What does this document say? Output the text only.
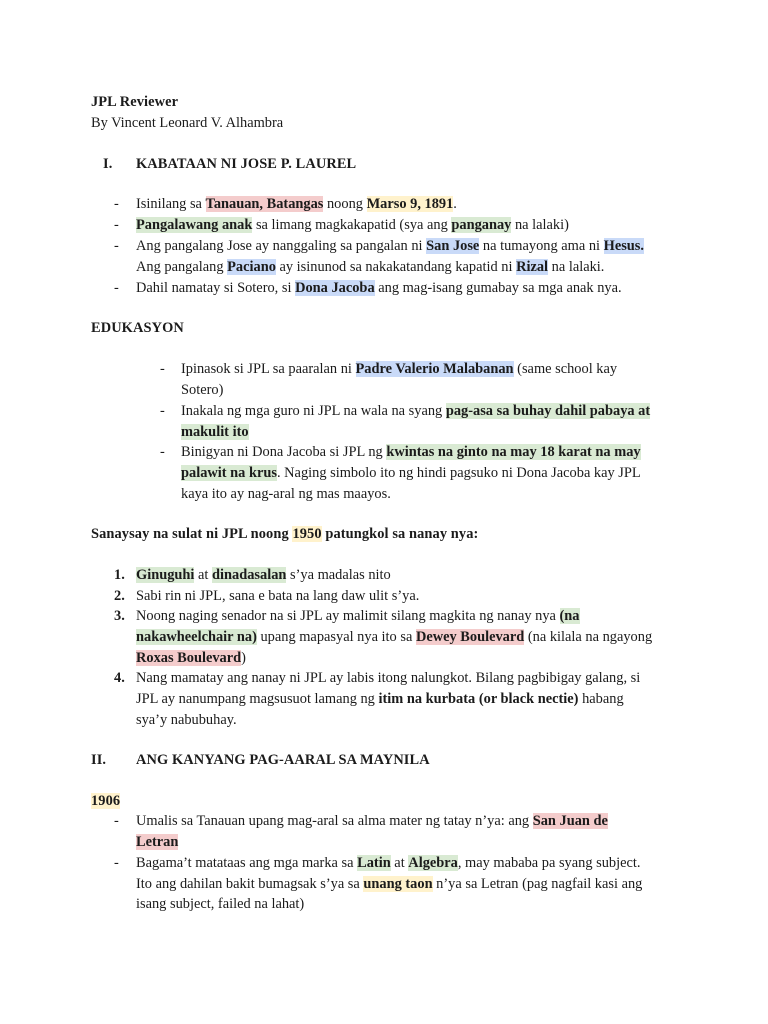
JPL Reviewer
By Vincent Leonard V. Alhambra
I. KABATAAN NI JOSE P. LAUREL
- Isinilang sa Tanauan, Batangas noong Marso 9, 1891.
- Pangalawang anak sa limang magkakapatid (sya ang panganay na lalaki)
- Ang pangalang Jose ay nanggaling sa pangalan ni San Jose na tumayong ama ni Hesus.
Ang pangalang Paciano ay isinunod sa nakakatandang kapatid ni Rizal na lalaki.
- Dahil namatay si Sotero, si Dona Jacoba ang mag-isang gumabay sa mga anak nya.
EDUKASYON
- Ipinasok si JPL sa paaralan ni Padre Valerio Malabanan (same school kay
Sotero)
- Inakala ng mga guro ni JPL na wala na syang pag-asa sa buhay dahil pabaya at
makulit ito
- Binigyan ni Dona Jacoba si JPL ng kwintas na ginto na may 18 karat na may
palawit na krus. Naging simbolo ito ng hindi pagsuko ni Dona Jacoba kay JPL
kaya ito ay nag-aral ng mas maayos.
Sanaysay na sulat ni JPL noong 1950 patungkol sa nanay nya:
1. Ginuguhi at dinadasalan s’ya madalas nito
2. Sabi rin ni JPL, sana e bata na lang daw ulit s’ya.
3. Noong naging senador na si JPL ay malimit silang magkita ng nanay nya (na
nakawheelchair na) upang mapasyal nya ito sa Dewey Boulevard (na kilala na ngayong
Roxas Boulevard)
4. Nang mamatay ang nanay ni JPL ay labis itong nalungkot. Bilang pagbibigay galang, si
JPL ay nanumpang magsusuot lamang ng itim na kurbata (or black nectie) habang
sya’y nabubuhay.
II. ANG KANYANG PAG-AARAL SA MAYNILA
1906
- Umalis sa Tanauan upang mag-aral sa alma mater ng tatay n’ya: ang San Juan de
Letran
- Bagama’t matataas ang mga marka sa Latin at Algebra, may mababa pa syang subject.
Ito ang dahilan bakit bumagsak s’ya sa unang taon n’ya sa Letran (pag nagfail kasi ang
isang subject, failed na lahat)
